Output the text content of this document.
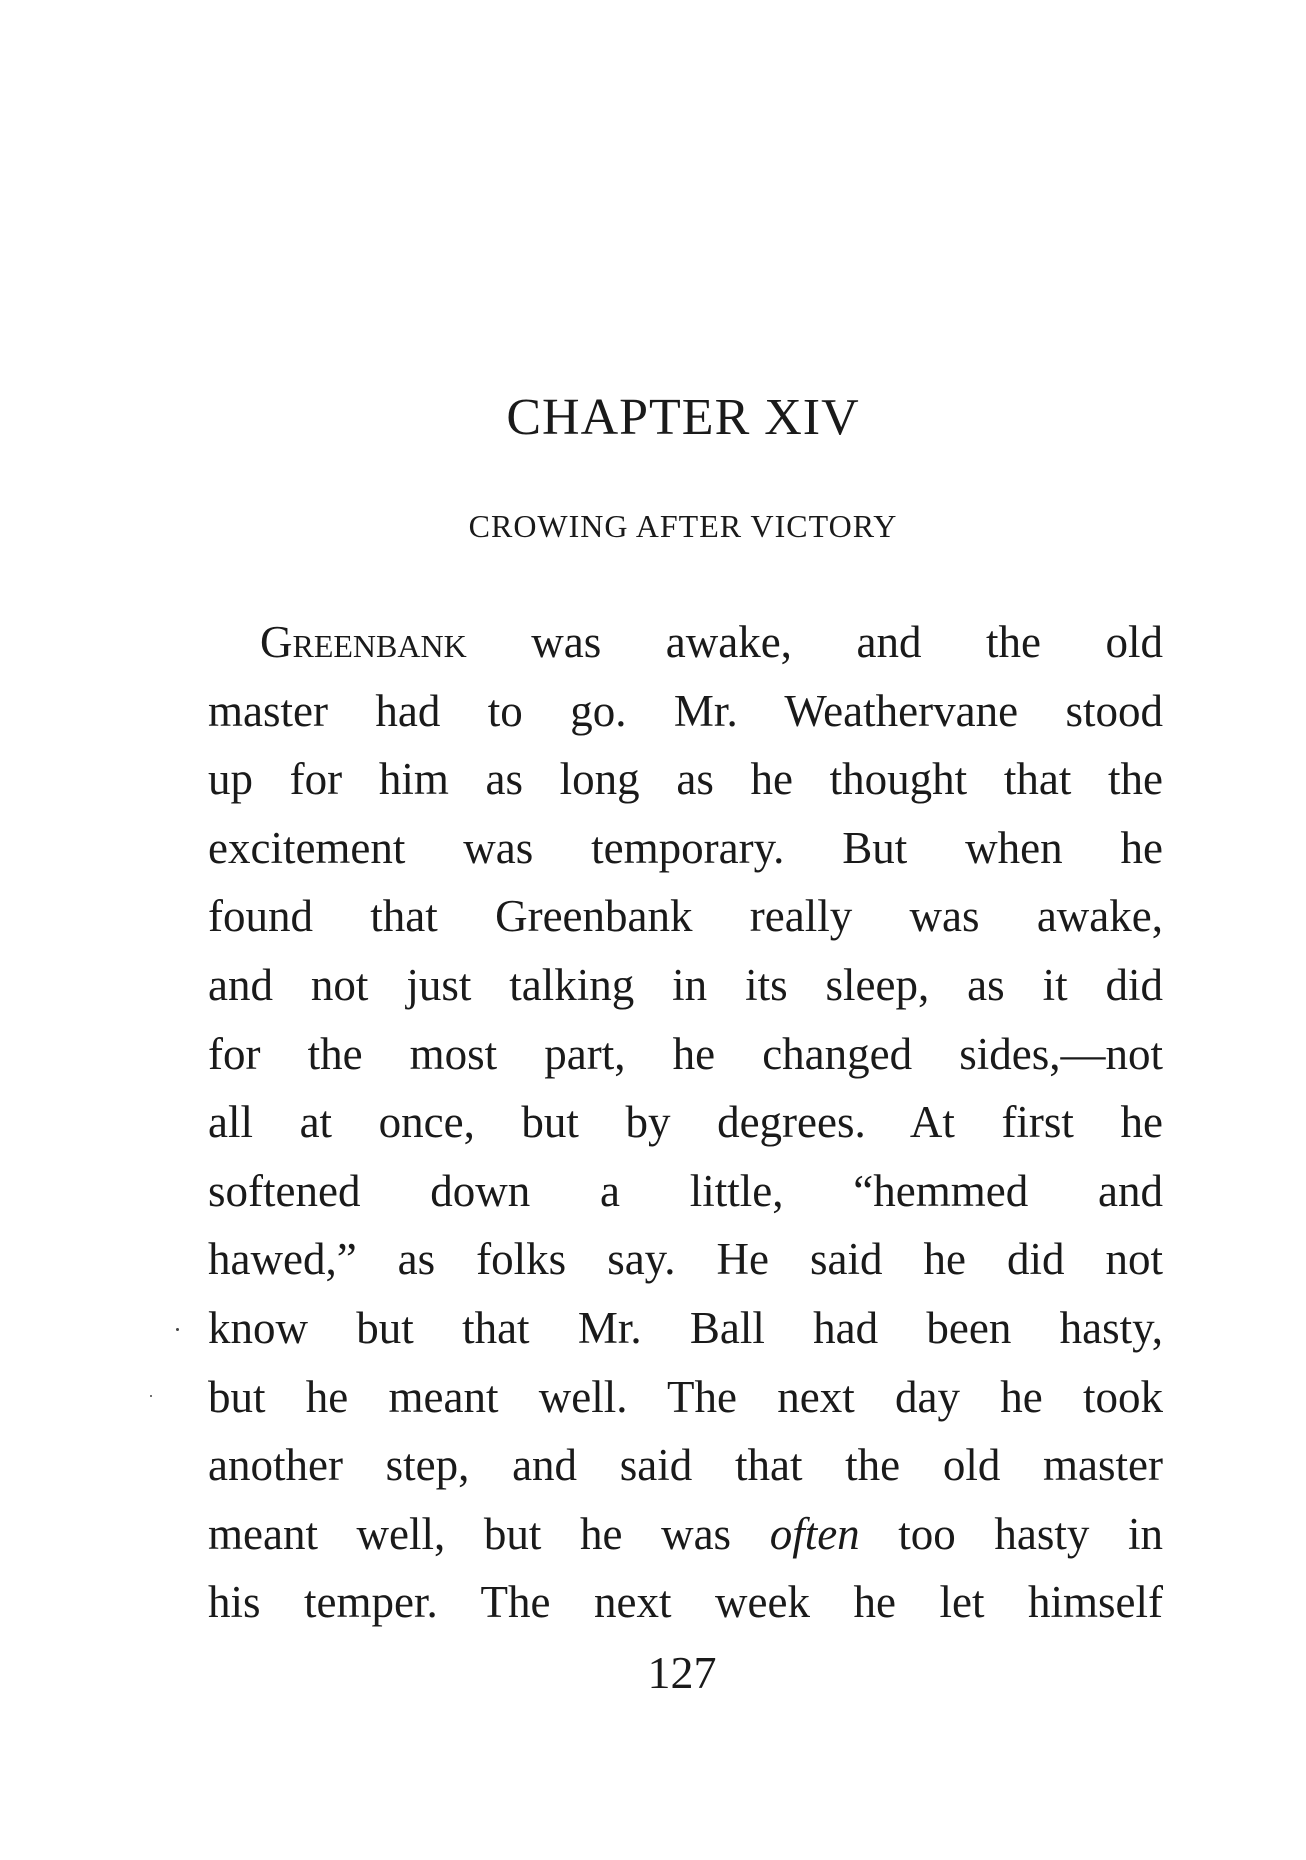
CHAPTER XIV
CROWING AFTER VICTORY
Greenbank was awake, and the old
master had to go. Mr. Weathervane stood
up for him as long as he thought that the
excitement was temporary. But when he
found that Greenbank really was awake,
and not just talking in its sleep, as it did
for the most part, he changed sides,—not
all at once, but by degrees. At first he
softened down a little, “hemmed and
hawed,” as folks say. He said he did not
know but that Mr. Ball had been hasty,
but he meant well. The next day he took
another step, and said that the old master
meant well, but he was often too hasty in
his temper. The next week he let himself
127
